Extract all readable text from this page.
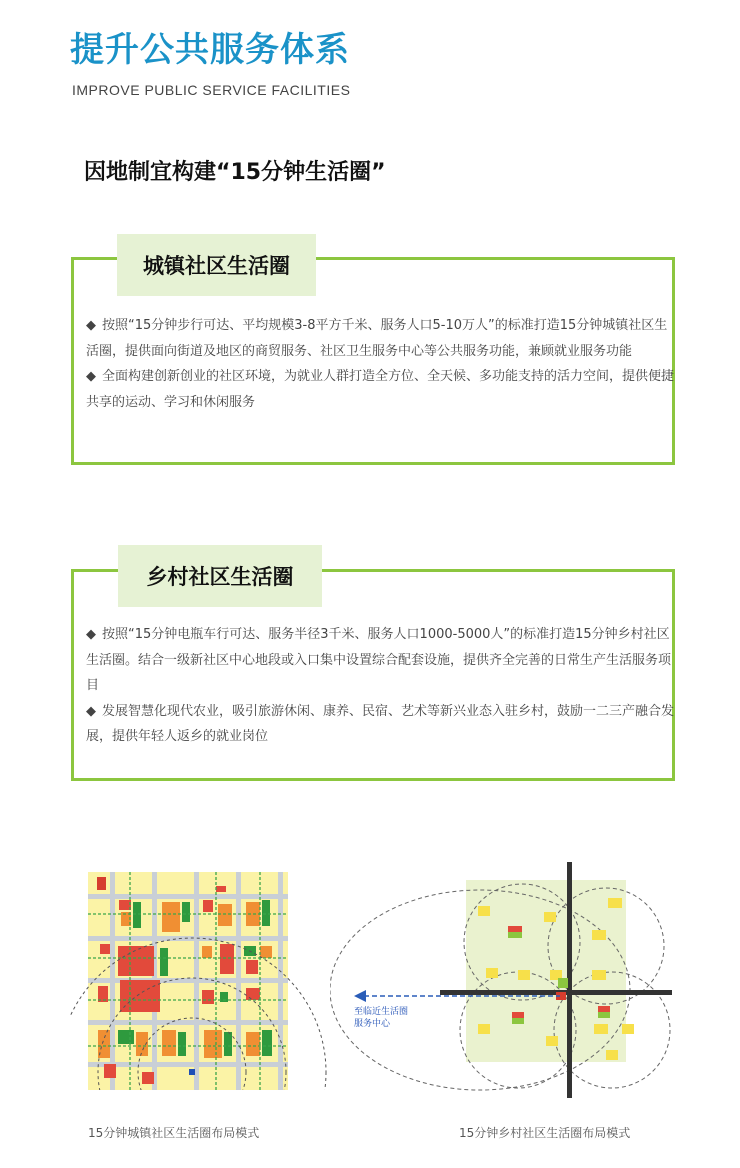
提升公共服务体系
IMPROVE PUBLIC SERVICE FACILITIES
因地制宜构建“15分钟生活圈”
城镇社区生活圈

◆ 按照“15分钟步行可达、平均规模3-8平方千米、服务人口5-10万人”的标准打造15分钟城镇社区生活圈，提供面向街道及地区的商贸服务、社区卫生服务中心等公共服务功能，兼顾就业服务功能
◆ 全面构建创新创业的社区环境，为就业人群打造全方位、全天候、多功能支持的活力空间，提供便捷共享的运动、学习和休闲服务

乡村社区生活圈

◆ 按照“15分钟电瓶车行可达、服务半径3千米、服务人口1000-5000人”的标准打造15分钟乡村社区生活圈。结合一级新社区中心地段或入口集中设置综合配套设施，提供齐全完善的日常生产生活服务项目
◆ 发展智慧化现代农业，吸引旅游休闲、康养、民宿、艺术等新兴业态入驻乡村，鼓励一二三产融合发展，提供年轻人返乡的就业岗位

15分钟城镇社区生活圈布局模式
至临近生活圈
服务中心
15分钟乡村社区生活圈布局模式
